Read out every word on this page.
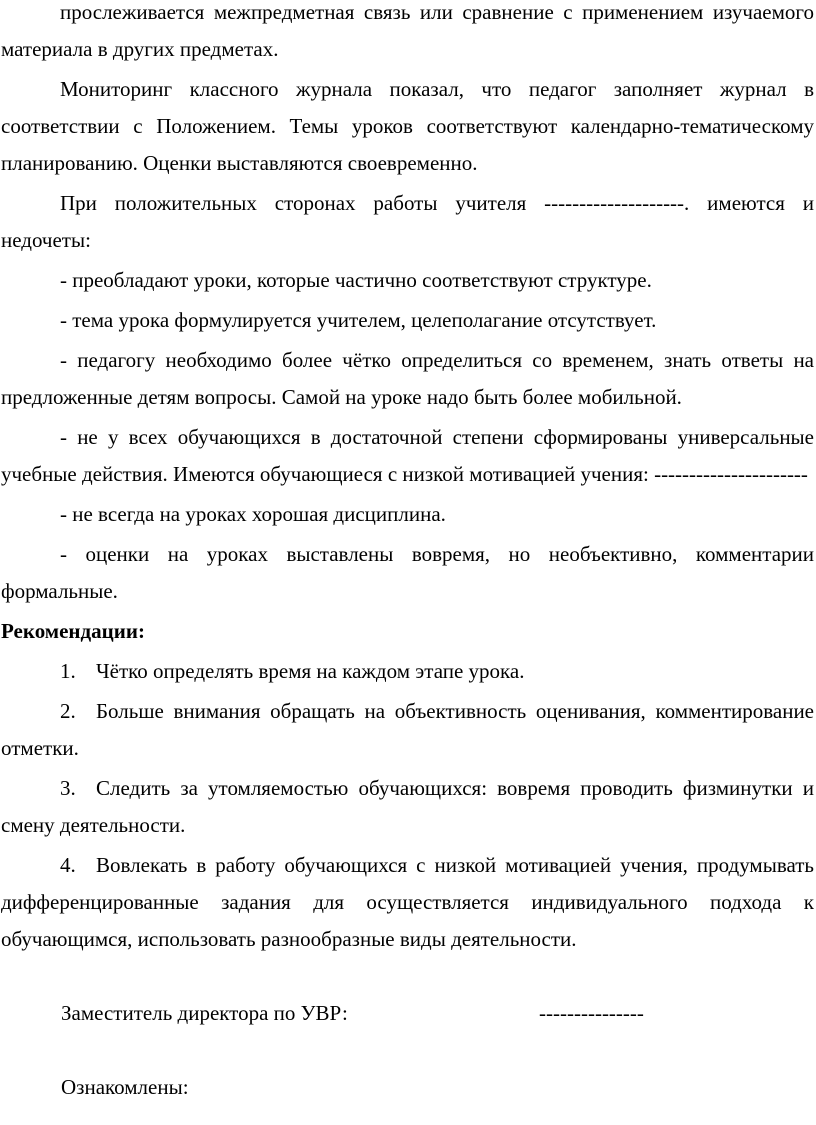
прослеживается межпредметная связь или сравнение с применением изучаемого материала в других предметах.

Мониторинг классного журнала показал, что педагог заполняет журнал в соответствии с Положением. Темы уроков соответствуют календарно-тематическому планированию. Оценки выставляются своевременно.

При положительных сторонах работы учителя --------------------. имеются и недочеты:

- преобладают уроки, которые частично соответствуют структуре.

- тема урока формулируется учителем, целеполагание отсутствует.

- педагогу необходимо более чётко определиться со временем, знать ответы на предложенные детям вопросы. Самой на уроке надо быть более мобильной.

- не у всех обучающихся в достаточной степени сформированы универсальные учебные действия. Имеются обучающиеся с низкой мотивацией учения: ----------------------

- не всегда на уроках хорошая дисциплина.

- оценки на уроках выставлены вовремя, но необъективно, комментарии формальные.

Рекомендации:

1. Чётко определять время на каждом этапе урока.

2. Больше внимания обращать на объективность оценивания, комментирование отметки.

3. Следить за утомляемостью обучающихся: вовремя проводить физминутки и смену деятельности.

4. Вовлекать в работу обучающихся с низкой мотивацией учения, продумывать дифференцированные задания для осуществляется индивидуального подхода к обучающимся, использовать разнообразные виды деятельности.

Заместитель директора по УВР:	---------------
Ознакомлены:
